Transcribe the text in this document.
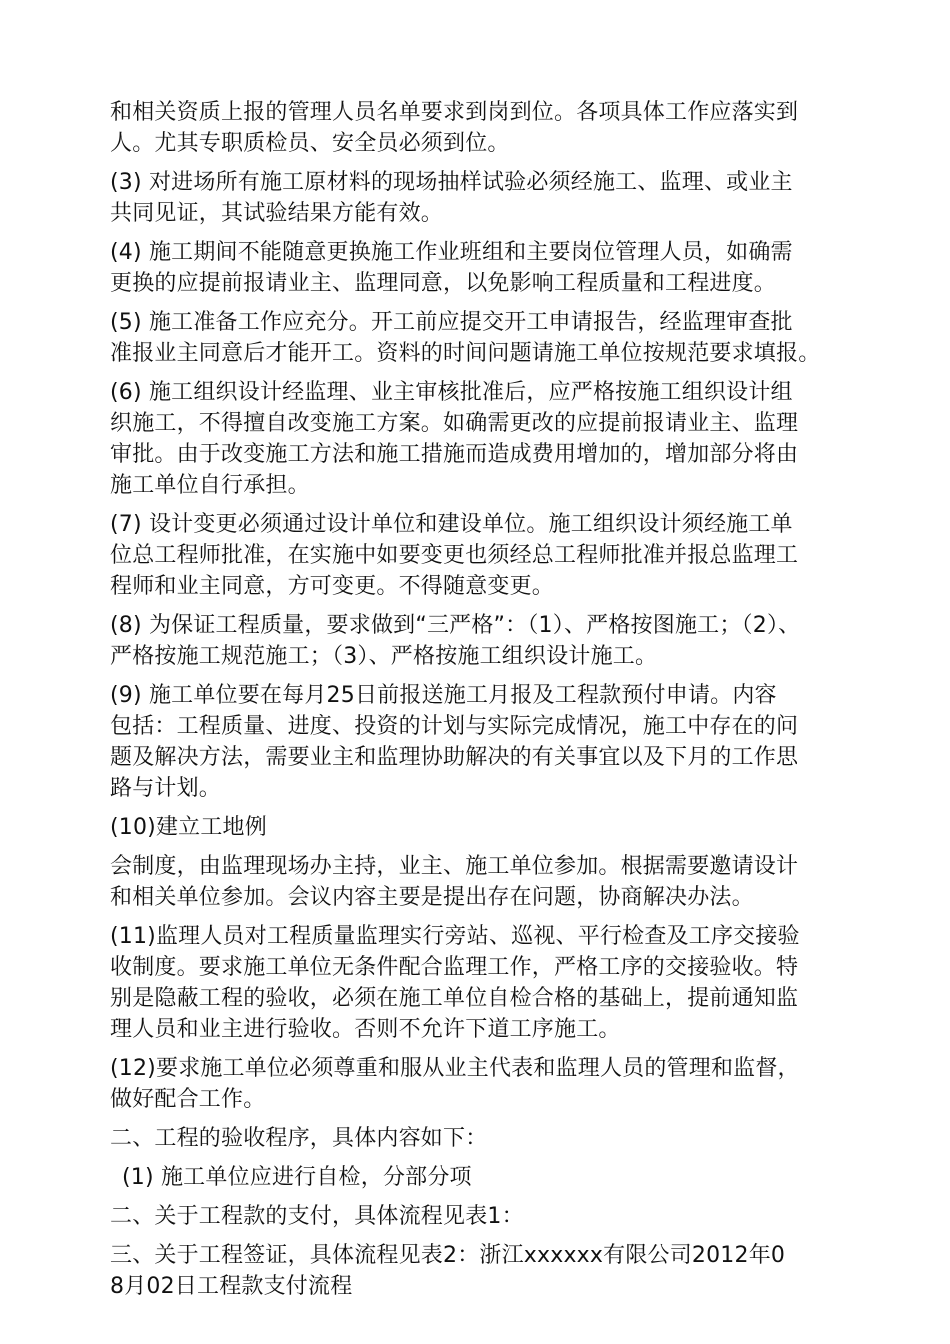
和相关资质上报的管理人员名单要求到岗到位。各项具体工作应落实到
人。尤其专职质检员、安全员必须到位。
(3) 对进场所有施工原材料的现场抽样试验必须经施工、监理、或业主
共同见证，其试验结果方能有效。
(4) 施工期间不能随意更换施工作业班组和主要岗位管理人员，如确需
更换的应提前报请业主、监理同意，以免影响工程质量和工程进度。
(5) 施工准备工作应充分。开工前应提交开工申请报告，经监理审查批
准报业主同意后才能开工。资料的时间问题请施工单位按规范要求填报。
(6) 施工组织设计经监理、业主审核批准后，应严格按施工组织设计组
织施工，不得擅自改变施工方案。如确需更改的应提前报请业主、监理
审批。由于改变施工方法和施工措施而造成费用增加的，增加部分将由
施工单位自行承担。
(7) 设计变更必须通过设计单位和建设单位。施工组织设计须经施工单
位总工程师批准，在实施中如要变更也须经总工程师批准并报总监理工
程师和业主同意，方可变更。不得随意变更。
(8) 为保证工程质量，要求做到“三严格”：（1）、严格按图施工；（2）、
严格按施工规范施工；（3）、严格按施工组织设计施工。
(9) 施工单位要在每月25日前报送施工月报及工程款预付申请。内容
包括：工程质量、进度、投资的计划与实际完成情况，施工中存在的问
题及解决方法，需要业主和监理协助解决的有关事宜以及下月的工作思
路与计划。
(10)建立工地例
会制度，由监理现场办主持，业主、施工单位参加。根据需要邀请设计
和相关单位参加。会议内容主要是提出存在问题，协商解决办法。
(11)监理人员对工程质量监理实行旁站、巡视、平行检查及工序交接验
收制度。要求施工单位无条件配合监理工作，严格工序的交接验收。特
别是隐蔽工程的验收，必须在施工单位自检合格的基础上，提前通知监
理人员和业主进行验收。否则不允许下道工序施工。
(12)要求施工单位必须尊重和服从业主代表和监理人员的管理和监督，
做好配合工作。
二、工程的验收程序，具体内容如下：
(1) 施工单位应进行自检，分部分项
二、关于工程款的支付，具体流程见表1：
三、关于工程签证，具体流程见表2：浙江xxxxxx有限公司2012年0
8月02日工程款支付流程
